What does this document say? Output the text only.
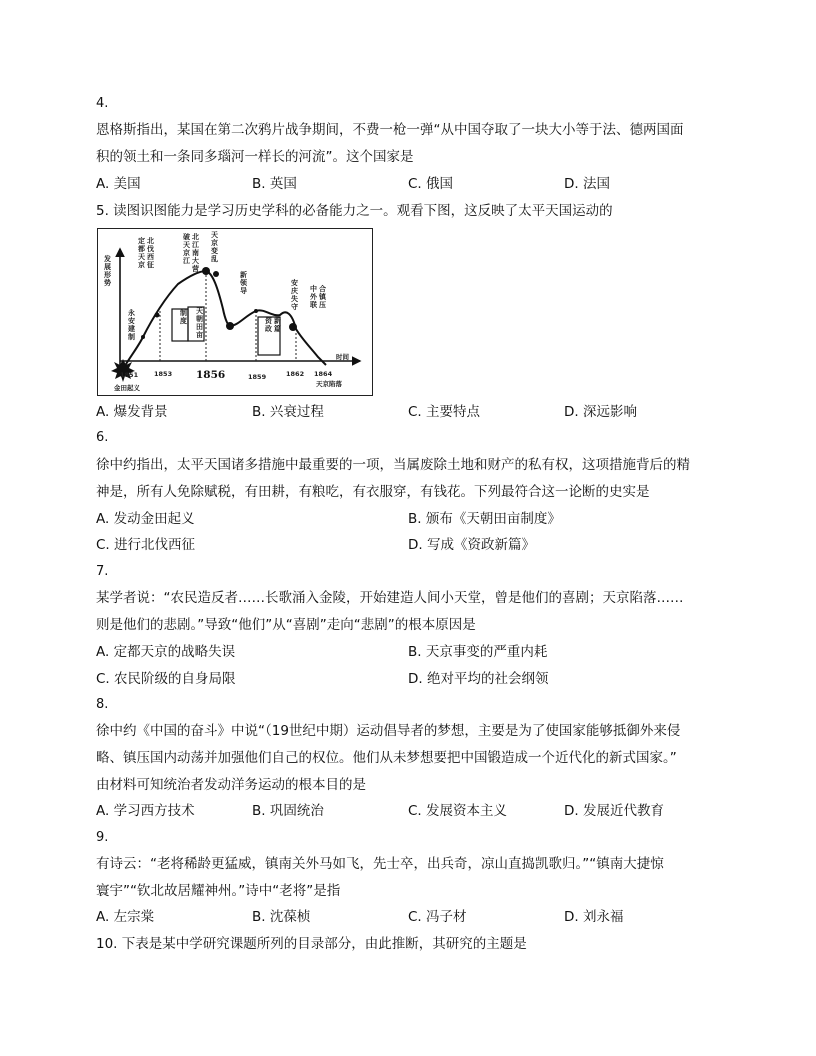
4.
恩格斯指出，某国在第二次鸦片战争期间，不费一枪一弹“从中国夺取了一块大小等于法、德两国面
积的领土和一条同多瑙河一样长的河流”。这个国家是
A. 美国	B. 英国	C. 俄国	D. 法国
5. 读图识图能力是学习历史学科的必备能力之一。观看下图，这反映了太平天国运动的
发展形势
永安建制
定都天京
北伐西征
破天京江
北江南大营
天京变乱
新领导
制度
天朝田亩
资政
新篇
安庆失守
中外联
合镇压
1851 1853 1856	1859	1862 1864
金田起义	天京陷落
时间
A. 爆发背景	B. 兴衰过程	C. 主要特点	D. 深远影响
6.
徐中约指出，太平天国诸多措施中最重要的一项，当属废除土地和财产的私有权，这项措施背后的精
神是，所有人免除赋税，有田耕，有粮吃，有衣服穿，有钱花。下列最符合这一论断的史实是
A. 发动金田起义	B. 颁布《天朝田亩制度》
C. 进行北伐西征	D. 写成《资政新篇》
7.
某学者说：“农民造反者……长歌涌入金陵，开始建造人间小天堂，曾是他们的喜剧；天京陷落……
则是他们的悲剧。”导致“他们”从“喜剧”走向“悲剧”的根本原因是
A. 定都天京的战略失误	B. 天京事变的严重内耗
C. 农民阶级的自身局限	D. 绝对平均的社会纲领
8.
徐中约《中国的奋斗》中说“（19世纪中期）运动倡导者的梦想，主要是为了使国家能够抵御外来侵
略、镇压国内动荡并加强他们自己的权位。他们从未梦想要把中国锻造成一个近代化的新式国家。”
由材料可知统治者发动洋务运动的根本目的是
A. 学习西方技术	B. 巩固统治	C. 发展资本主义	D. 发展近代教育
9.
有诗云：“老将稀龄更猛威，镇南关外马如飞，先士卒，出兵奇，凉山直捣凯歌归。”“镇南大捷惊
寰宇”“钦北故居耀神州。”诗中“老将”是指
A. 左宗棠	B. 沈葆桢	C. 冯子材	D. 刘永福
10. 下表是某中学研究课题所列的目录部分，由此推断，其研究的主题是
